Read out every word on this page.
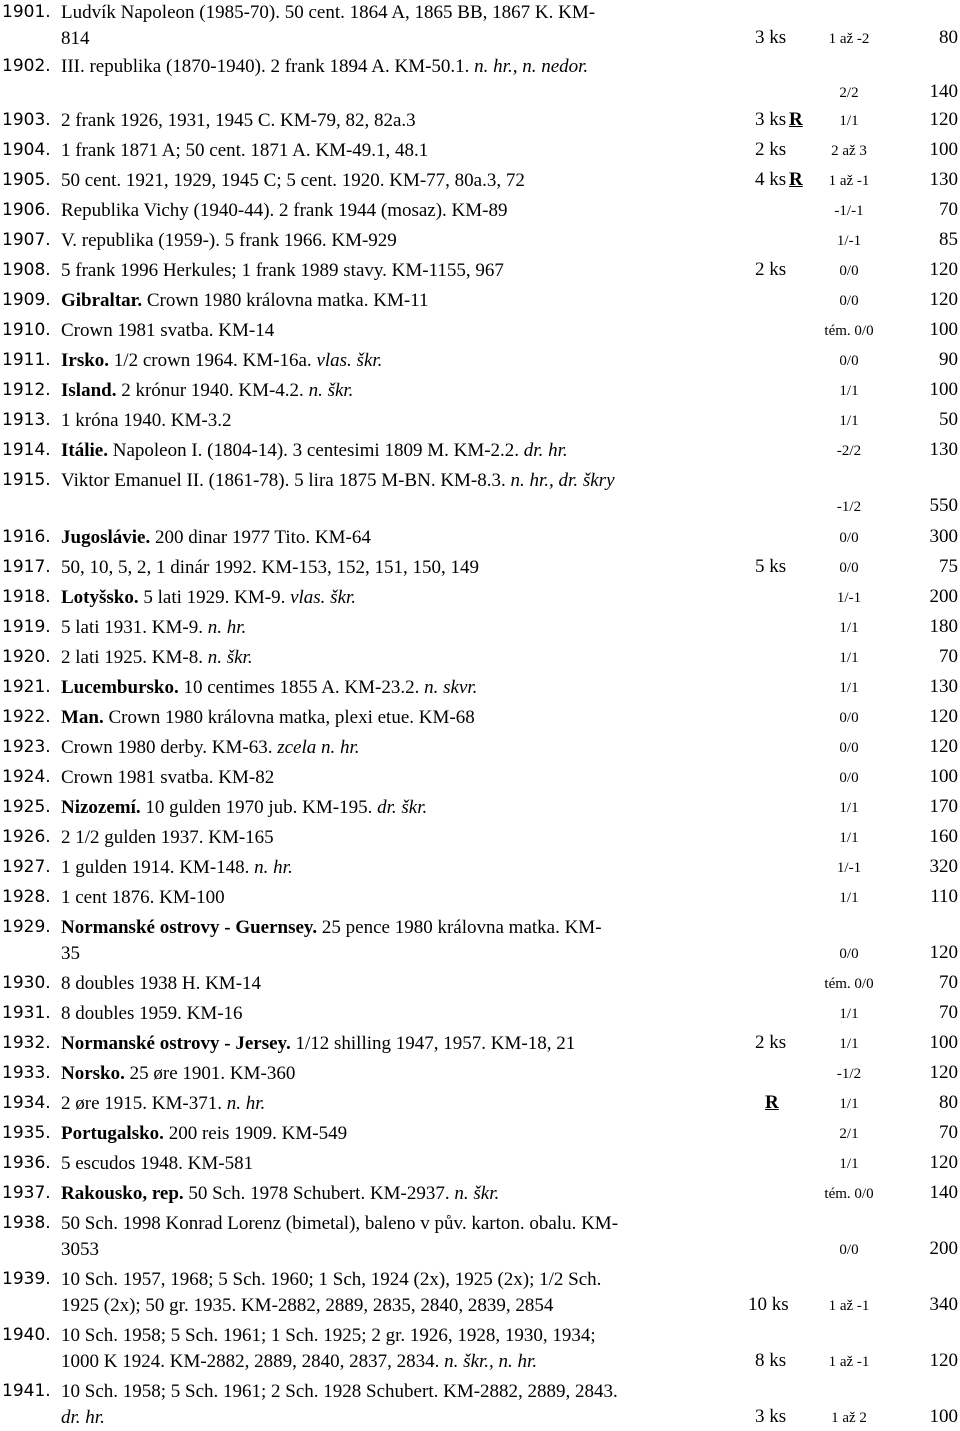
1901. Ludvík Napoleon (1985-70). 50 cent. 1864 A, 1865 BB, 1867 K. KM-
814	3 ks	1 až -2	80
1902. III. republika (1870-1940). 2 frank 1894 A. KM-50.1. n. hr., n. nedor.
2/2	140
1903. 2 frank 1926, 1931, 1945 C. KM-79, 82, 82a.3	3 ks R	1/1	120
1904. 1 frank 1871 A; 50 cent. 1871 A. KM-49.1, 48.1	2 ks	2 až 3	100
1905. 50 cent. 1921, 1929, 1945 C; 5 cent. 1920. KM-77, 80a.3, 72	4 ks R	1 až -1	130
1906. Republika Vichy (1940-44). 2 frank 1944 (mosaz). KM-89	-1/-1	70
1907. V. republika (1959-). 5 frank 1966. KM-929	1/-1	85
1908. 5 frank 1996 Herkules; 1 frank 1989 stavy. KM-1155, 967	2 ks	0/0	120
1909. Gibraltar. Crown 1980 královna matka. KM-11	0/0	120
1910. Crown 1981 svatba. KM-14	tém. 0/0	100
1911. Irsko. 1/2 crown 1964. KM-16a. vlas. škr.	0/0	90
1912. Island. 2 krónur 1940. KM-4.2. n. škr.	1/1	100
1913. 1 króna 1940. KM-3.2	1/1	50
1914. Itálie. Napoleon I. (1804-14). 3 centesimi 1809 M. KM-2.2. dr. hr.	-2/2	130
1915. Viktor Emanuel II. (1861-78). 5 lira 1875 M-BN. KM-8.3. n. hr., dr. škry
-1/2	550
1916. Jugoslávie. 200 dinar 1977 Tito. KM-64	0/0	300
1917. 50, 10, 5, 2, 1 dinár 1992. KM-153, 152, 151, 150, 149	5 ks	0/0	75
1918. Lotyšsko. 5 lati 1929. KM-9. vlas. škr.	1/-1	200
1919. 5 lati 1931. KM-9. n. hr.	1/1	180
1920. 2 lati 1925. KM-8. n. škr.	1/1	70
1921. Lucembursko. 10 centimes 1855 A. KM-23.2. n. skvr.	1/1	130
1922. Man. Crown 1980 královna matka, plexi etue. KM-68	0/0	120
1923. Crown 1980 derby. KM-63. zcela n. hr.	0/0	120
1924. Crown 1981 svatba. KM-82	0/0	100
1925. Nizozemí. 10 gulden 1970 jub. KM-195. dr. škr.	1/1	170
1926. 2 1/2 gulden 1937. KM-165	1/1	160
1927. 1 gulden 1914. KM-148. n. hr.	1/-1	320
1928. 1 cent 1876. KM-100	1/1	110
1929. Normanské ostrovy - Guernsey. 25 pence 1980 královna matka. KM-
35	0/0	120
1930. 8 doubles 1938 H. KM-14	tém. 0/0	70
1931. 8 doubles 1959. KM-16	1/1	70
1932. Normanské ostrovy - Jersey. 1/12 shilling 1947, 1957. KM-18, 21	2 ks	1/1	100
1933. Norsko. 25 øre 1901. KM-360	-1/2	120
1934. 2 øre 1915. KM-371. n. hr.	R	1/1	80
1935. Portugalsko. 200 reis 1909. KM-549	2/1	70
1936. 5 escudos 1948. KM-581	1/1	120
1937. Rakousko, rep. 50 Sch. 1978 Schubert. KM-2937. n. škr.	tém. 0/0	140
1938. 50 Sch. 1998 Konrad Lorenz (bimetal), baleno v pův. karton. obalu. KM-
3053	0/0	200
1939. 10 Sch. 1957, 1968; 5 Sch. 1960; 1 Sch, 1924 (2x), 1925 (2x); 1/2 Sch.
1925 (2x); 50 gr. 1935. KM-2882, 2889, 2835, 2840, 2839, 2854	10 ks	1 až -1	340
1940. 10 Sch. 1958; 5 Sch. 1961; 1 Sch. 1925; 2 gr. 1926, 1928, 1930, 1934;
1000 K 1924. KM-2882, 2889, 2840, 2837, 2834. n. škr., n. hr.	8 ks	1 až -1	120
1941. 10 Sch. 1958; 5 Sch. 1961; 2 Sch. 1928 Schubert. KM-2882, 2889, 2843.
dr. hr.	3 ks	1 až 2	100
